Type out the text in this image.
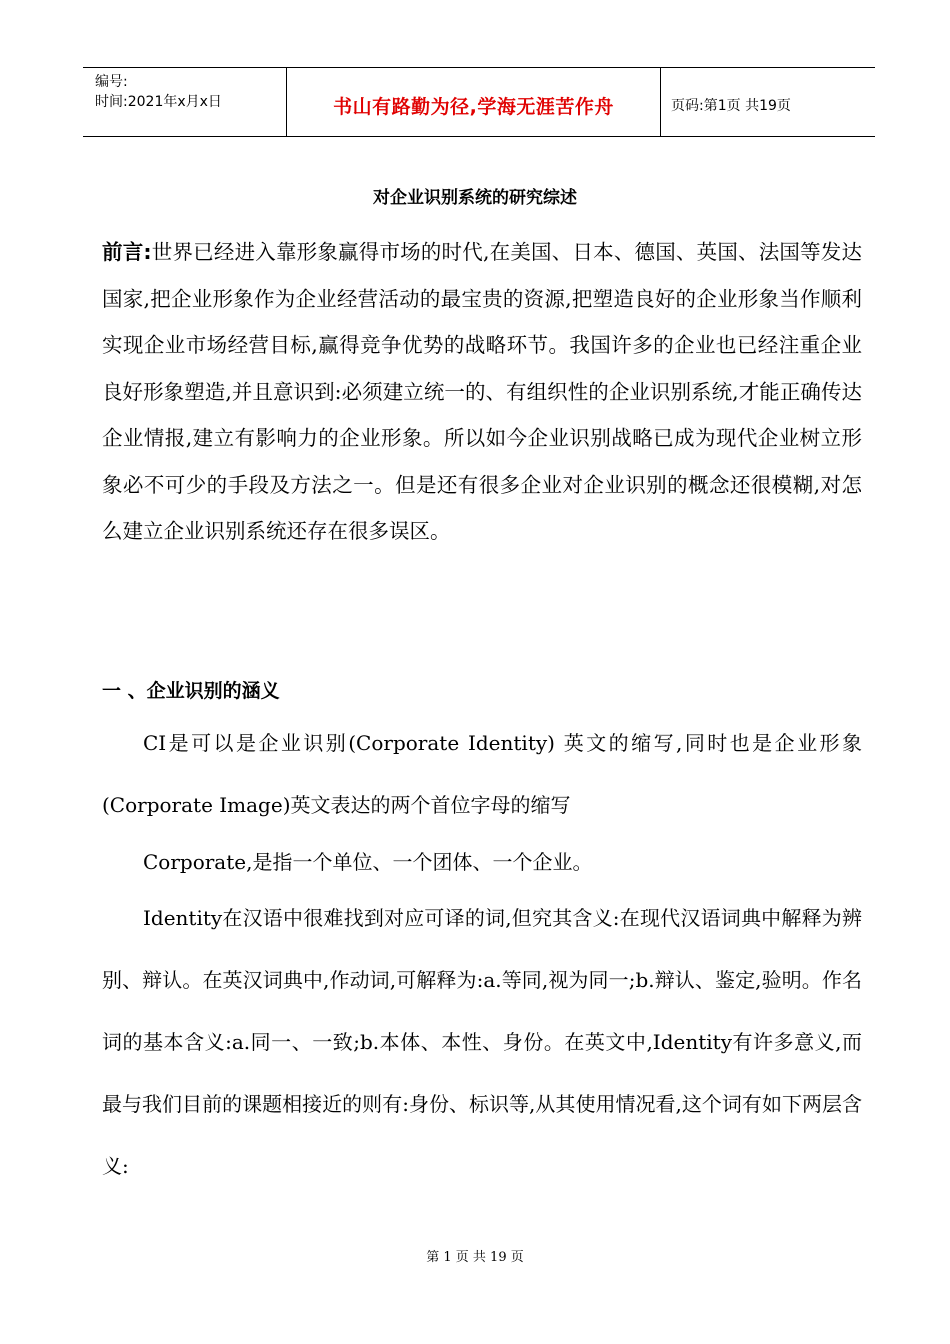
编号:
时间:2021年x月x日	书山有路勤为径,学海无涯苦作舟	页码:第1页 共19页
对企业识别系统的研究综述
前言:世界已经进入靠形象赢得市场的时代,在美国、日本、德国、英国、法国等发达国家,把企业形象作为企业经营活动的最宝贵的资源,把塑造良好的企业形象当作顺利实现企业市场经营目标,赢得竞争优势的战略环节。我国许多的企业也已经注重企业良好形象塑造,并且意识到:必须建立统一的、有组织性的企业识别系统,才能正确传达企业情报,建立有影响力的企业形象。所以如今企业识别战略已成为现代企业树立形象必不可少的手段及方法之一。但是还有很多企业对企业识别的概念还很模糊,对怎么建立企业识别系统还存在很多误区。
一 、企业识别的涵义
CI是可以是企业识别(Corporate Identity) 英文的缩写,同时也是企业形象(Corporate Image)英文表达的两个首位字母的缩写
Corporate,是指一个单位、一个团体、一个企业。
Identity在汉语中很难找到对应可译的词,但究其含义:在现代汉语词典中解释为辨别、辩认。在英汉词典中,作动词,可解释为:a.等同,视为同一;b.辩认、鉴定,验明。作名词的基本含义:a.同一、一致;b.本体、本性、身份。在英文中,Identity有许多意义,而最与我们目前的课题相接近的则有:身份、标识等,从其使用情况看,这个词有如下两层含义:
第 1 页 共 19 页
